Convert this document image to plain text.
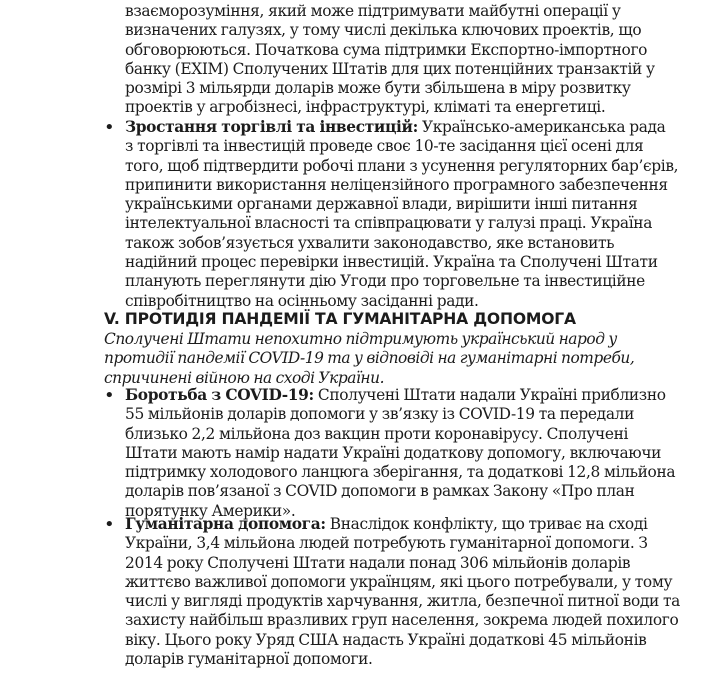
взаєморозуміння, який може підтримувати майбутні операції у
визначених галузях, у тому числі декілька ключових проектів, що
обговорюються. Початкова сума підтримки Експортно-імпортного
банку (EXIM) Сполучених Штатів для цих потенційних транзактій у
розмірі 3 мільярди доларів може бути збільшена в міру розвитку
проектів у агробізнесі, інфраструктурі, кліматі та енергетиці.
• Зростання торгівлі та інвестицій: Українсько-американська рада
з торгівлі та інвестицій проведе своє 10-те засідання цієї осені для
того, щоб підтвердити робочі плани з усунення регуляторних бар’єрів,
припинити використання неліцензійного програмного забезпечення
українськими органами державної влади, вирішити інші питання
інтелектуальної власності та співпрацювати у галузі праці. Україна
також зобов’язується ухвалити законодавство, яке встановить
надійний процес перевірки інвестицій. Україна та Сполучені Штати
планують переглянути дію Угоди про торговельне та інвестиційне
співробітництво на осінньому засіданні ради.
V. ПРОТИДІЯ ПАНДЕМІЇ ТА ГУМАНІТАРНА ДОПОМОГА
Сполучені Штати непохитно підтримують український народ у
протидії пандемії COVID-19 та у відповіді на гуманітарні потреби,
спричинені війною на сході України.
• Боротьба з COVID-19: Сполучені Штати надали Україні приблизно
55 мільйонів доларів допомоги у зв’язку із COVID-19 та передали
близько 2,2 мільйона доз вакцин проти коронавірусу. Сполучені
Штати мають намір надати Україні додаткову допомогу, включаючи
підтримку холодового ланцюга зберігання, та додаткові 12,8 мільйона
доларів пов’язаної з COVID допомоги в рамках Закону «Про план
порятунку Америки».
• Гуманітарна допомога: Внаслідок конфлікту, що триває на сході
України, 3,4 мільйона людей потребують гуманітарної допомоги. З
2014 року Сполучені Штати надали понад 306 мільйонів доларів
життєво важливої допомоги українцям, які цього потребували, у тому
числі у вигляді продуктів харчування, житла, безпечної питної води та
захисту найбільш вразливих груп населення, зокрема людей похилого
віку. Цього року Уряд США надасть Україні додаткові 45 мільйонів
доларів гуманітарної допомоги.
